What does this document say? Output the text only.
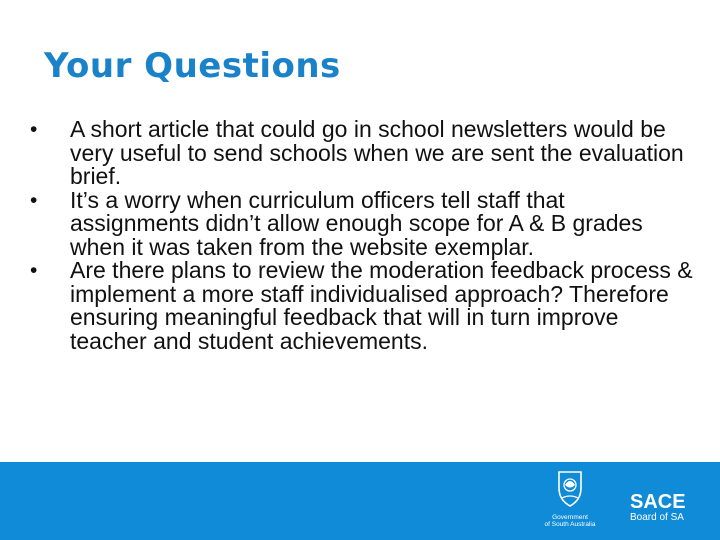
Your Questions
• A short article that could go in school newsletters would be very useful to send schools when we are sent the evaluation brief.
• It’s a worry when curriculum officers tell staff that assignments didn’t allow enough scope for A & B grades when it was taken from the website exemplar.
• Are there plans to review the moderation feedback process & implement a more staff individualised approach? Therefore ensuring meaningful feedback that will in turn improve teacher and student achievements.
Government
of South Australia
SACE
Board of SA
